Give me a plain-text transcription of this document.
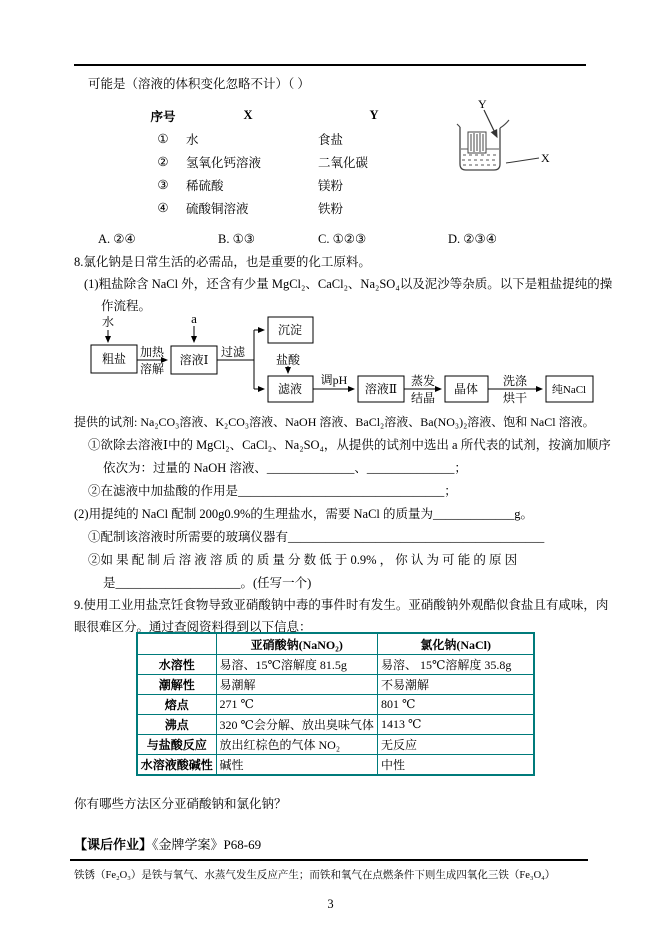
可能是（溶液的体积变化忽略不计）（ ）
序号	X	Y
①	水	食盐
②	氢氧化钙溶液	二氧化碳
③	稀硫酸	镁粉
④	硫酸铜溶液	铁粉
Y
X
A. ②④	B. ①③	C. ①②③	D. ②③④
8.氯化钠是日常生活的必需品，也是重要的化工原料。
(1)粗盐除含 NaCl 外，还含有少量 MgCl₂、CaCl₂、Na₂SO₄以及泥沙等杂质。以下是粗盐提纯的操
作流程。
水
粗盐 加热
溶解
溶液Ⅰ
a
过滤
沉淀
盐酸
滤液
调pH
溶液Ⅱ
蒸发
结晶
晶体
洗涤
烘干
纯NaCl
提供的试剂: Na₂CO₃溶液、K₂CO₃溶液、NaOH 溶液、BaCl₂溶液、Ba(NO₃)₂溶液、饱和 NaCl 溶液。
①欲除去溶液Ⅰ中的 MgCl₂、CaCl₂、Na₂SO₄，从提供的试剂中选出 a 所代表的试剂，按滴加顺序
依次为：过量的 NaOH 溶液、______________、______________；
②在滤液中加盐酸的作用是_________________________________；
(2)用提纯的 NaCl 配制 200g0.9%的生理盐水，需要 NaCl 的质量为_____________g。
①配制该溶液时所需要的玻璃仪器有_________________________________________
②如 果 配 制 后 溶 液 溶 质 的 质 量 分 数 低 于 0.9% ， 你 认 为 可 能 的 原 因
是____________________。(任写一个)
9.使用工业用盐烹饪食物导致亚硝酸钠中毒的事件时有发生。亚硝酸钠外观酷似食盐且有咸味，肉
眼很难区分。通过查阅资料得到以下信息：
	亚硝酸钠(NaNO₂)	氯化钠(NaCl)
水溶性	易溶、15℃溶解度 81.5g	易溶、 15℃溶解度 35.8g
潮解性	易潮解	不易潮解
熔点	271 ℃	801 ℃
沸点	320 ℃会分解、放出臭味气体	1413 ℃
与盐酸反应	放出红棕色的气体 NO₂	无反应
水溶液酸碱性	碱性	中性
你有哪些方法区分亚硝酸钠和氯化钠？
【课后作业】《金牌学案》P68-69
铁锈（Fe₂O₃）是铁与氧气、水蒸气发生反应产生；而铁和氧气在点燃条件下则生成四氧化三铁（Fe₃O₄）
3
